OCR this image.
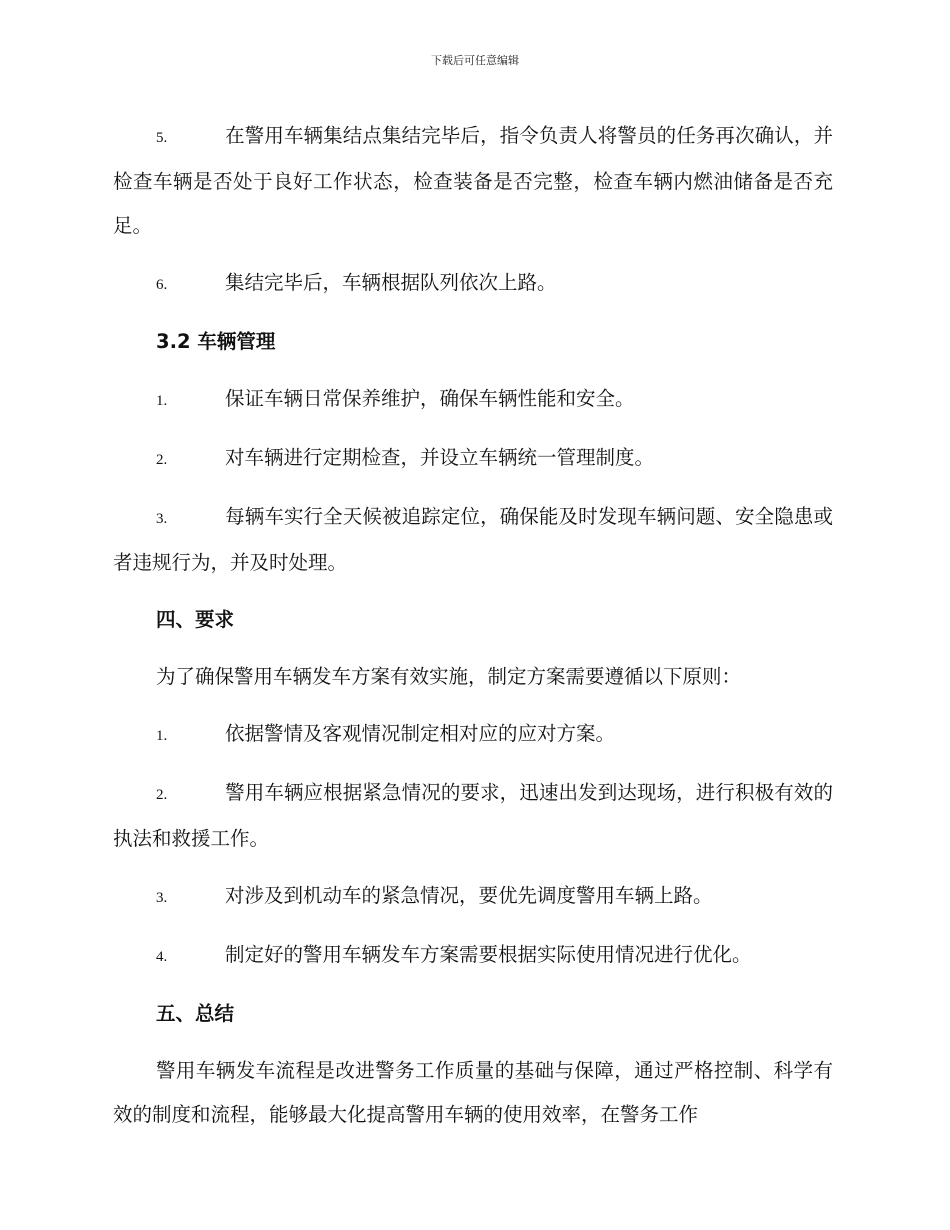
下载后可任意编辑

5.	在警用车辆集结点集结完毕后，指令负责人将警员的任务再次确认，并检查车辆是否处于良好工作状态，检查装备是否完整，检查车辆内燃油储备是否充足。

6.	集结完毕后，车辆根据队列依次上路。

3.2 车辆管理

1.	保证车辆日常保养维护，确保车辆性能和安全。

2.	对车辆进行定期检查，并设立车辆统一管理制度。

3.	每辆车实行全天候被追踪定位，确保能及时发现车辆问题、安全隐患或者违规行为，并及时处理。

四、要求

为了确保警用车辆发车方案有效实施，制定方案需要遵循以下原则：

1.	依据警情及客观情况制定相对应的应对方案。

2.	警用车辆应根据紧急情况的要求，迅速出发到达现场，进行积极有效的执法和救援工作。

3.	对涉及到机动车的紧急情况，要优先调度警用车辆上路。

4.	制定好的警用车辆发车方案需要根据实际使用情况进行优化。

五、总结

警用车辆发车流程是改进警务工作质量的基础与保障，通过严格控制、科学有效的制度和流程，能够最大化提高警用车辆的使用效率，在警务工作
